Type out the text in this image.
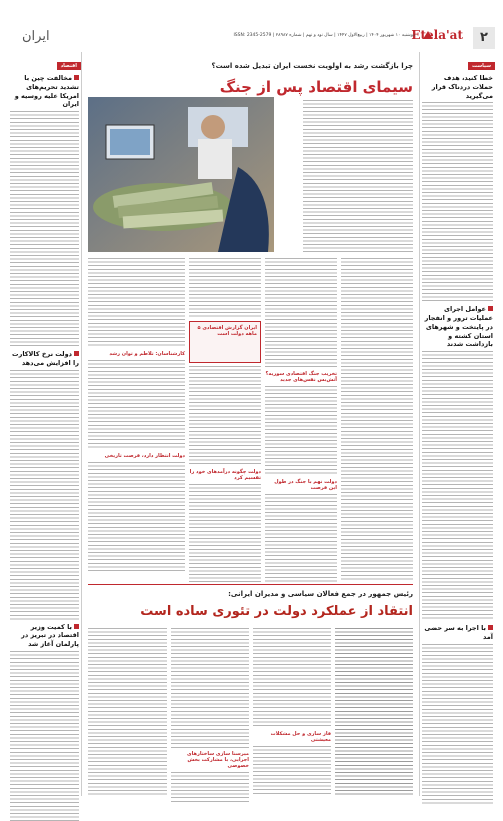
۲
Etela'at
دوشنبه ۱۰ شهریور ۱۴۰۴ | ربیع‌الاول ۱۴۴۷ | سال نود و نهم | شماره ۲۸۹۸۷ | ISSN: 2345-2579
ایران
سیاست
خطا کنید، هدف حملات دردناک قرار می‌گیرید
عوامل اجرای عملیات ترور و انفجار در پایتخت و شهرهای استان کشته و بازداشت شدند
با اجرا به سر حضی آمد
اقتصاد
مخالفت چین با تشدید تحریم‌های امریکا علیه روسیه و ایران
دولت نرخ کالاکارت را افزایش می‌دهد
با کمیت وزیر اقتصاد در تبریز در پارلمان آغاز شد
چرا بازگشت رشد به اولویت نخست ایران تبدیل شده است؟
سیمای اقتصاد پس از جنگ
تخریب جنگ اقتصادی سوریه؟ آتش‌بس نفس‌های جدید
دولت نهم با جنگ در طول این فرصت
ایران گزارش اقتصادی ۵ ماهه دولت است
دولت چگونه درآمدهای خود را تقسیم کرد
کارشناسان: تلاطم و توان رشد
دولت انتظار دارد، فرصت تاریخی
رئیس جمهور در جمع فعالان سیاسی و مدیران ایرانی:
انتقاد از عملکرد دولت در تئوری ساده است
فاز ساری و حل مشکلات معیشتی
میرسنا سازی ساختارهای اجرایی، با مشارکت بخش خصوصی
